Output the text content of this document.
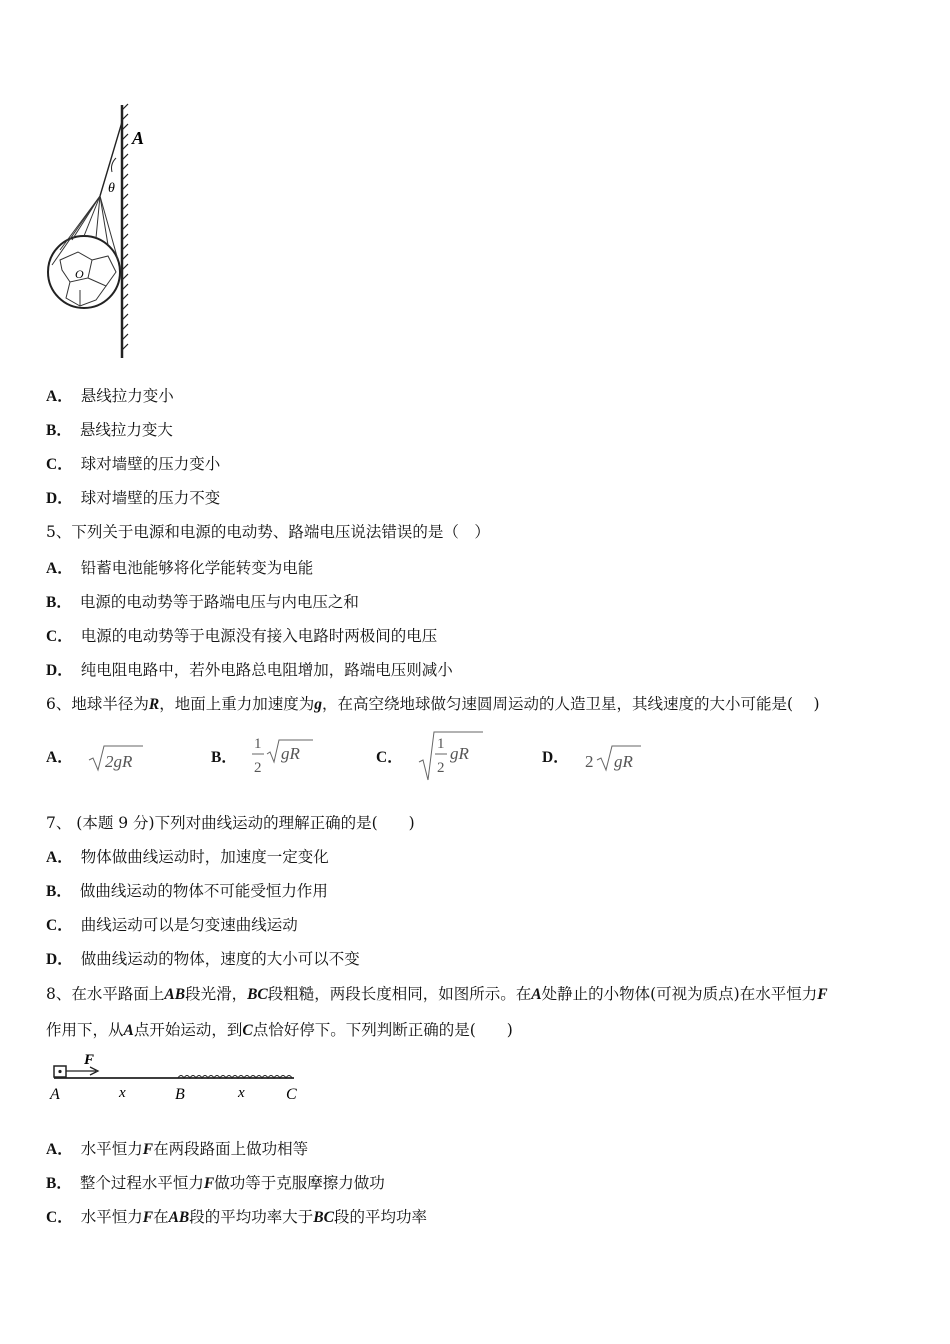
O
A
θ
A． 悬线拉力变小
B． 悬线拉力变大
C． 球对墙壁的压力变小
D． 球对墙壁的压力不变
5、下列关于电源和电源的电动势、路端电压说法错误的是（　）
A． 铅蓄电池能够将化学能转变为电能
B． 电源的电动势等于路端电压与内电压之和
C． 电源的电动势等于电源没有接入电路时两极间的电压
D． 纯电阻电路中，若外电路总电阻增加，路端电压则减小
6、地球半径为R，地面上重力加速度为g，在高空绕地球做匀速圆周运动的人造卫星，其线速度的大小可能是(　 )
A． 2gR	B．
1
2
gR	C．
1
2
gR	D． 2 gR
7、 (本题 9 分)下列对曲线运动的理解正确的是(　　)
A． 物体做曲线运动时，加速度一定变化
B． 做曲线运动的物体不可能受恒力作用
C． 曲线运动可以是匀变速曲线运动
D． 做曲线运动的物体，速度的大小可以不变
8、在水平路面上AB段光滑，BC段粗糙，两段长度相同，如图所示。在A处静止的小物体(可视为质点)在水平恒力F
作用下，从A点开始运动，到C点恰好停下。下列判断正确的是(　　)
F
A	x	B	x	C
A． 水平恒力F在两段路面上做功相等
B． 整个过程水平恒力F做功等于克服摩擦力做功
C． 水平恒力F在AB段的平均功率大于BC段的平均功率
